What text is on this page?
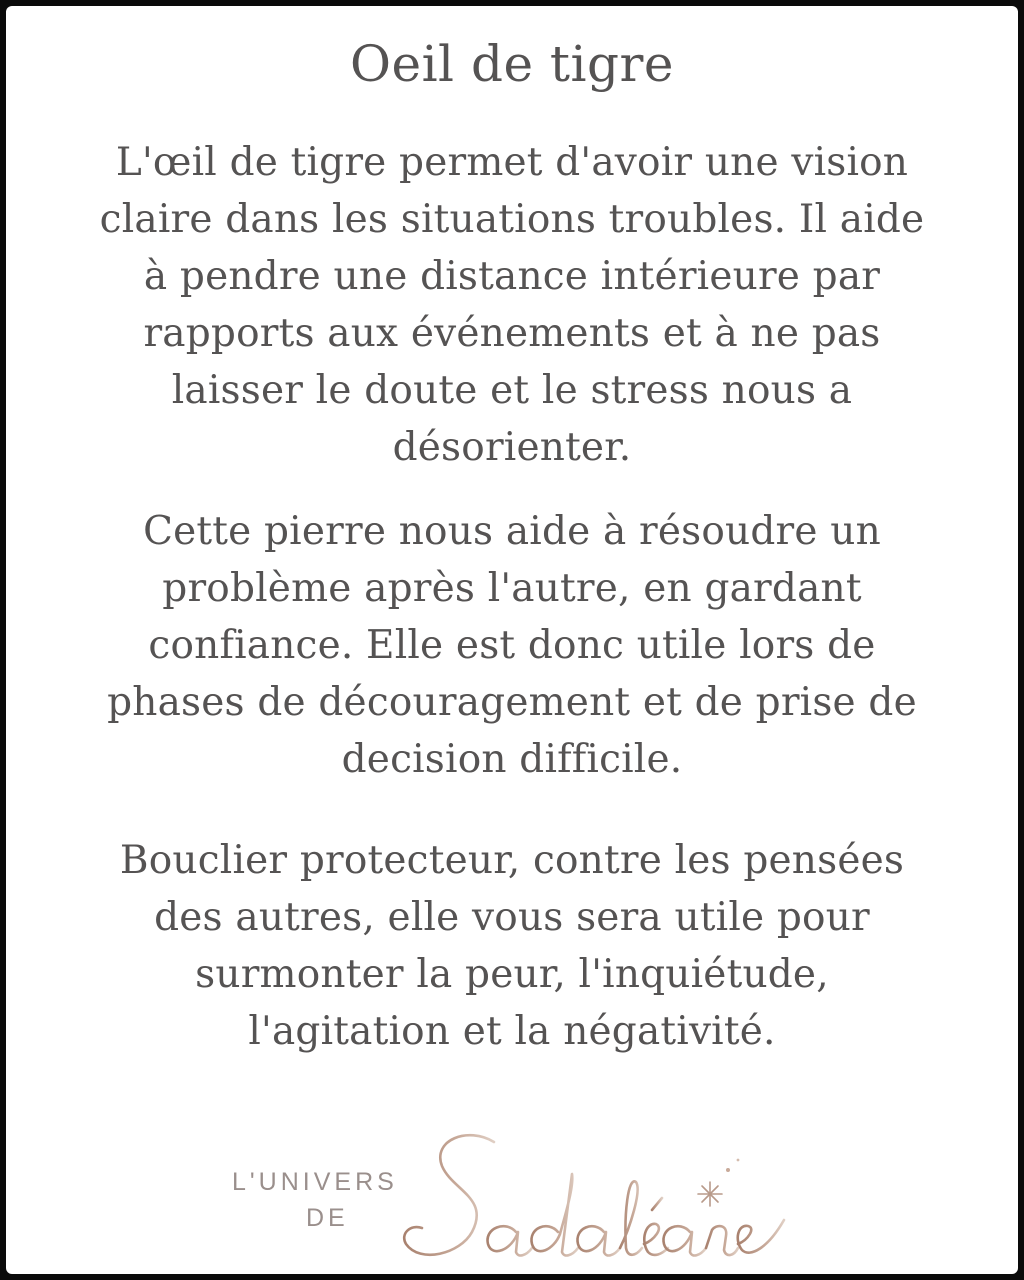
Oeil de tigre
L'œil de tigre permet d'avoir une vision
claire dans les situations troubles. Il aide
à pendre une distance intérieure par
rapports aux événements et à ne pas
laisser le doute et le stress nous a
désorienter.
Cette pierre nous aide à résoudre un
problème après l'autre, en gardant
confiance. Elle est donc utile lors de
phases de découragement et de prise de
decision difficile.
Bouclier protecteur, contre les pensées
des autres, elle vous sera utile pour
surmonter la peur, l'inquiétude,
l'agitation et la négativité.
L'UNIVERS
DE
